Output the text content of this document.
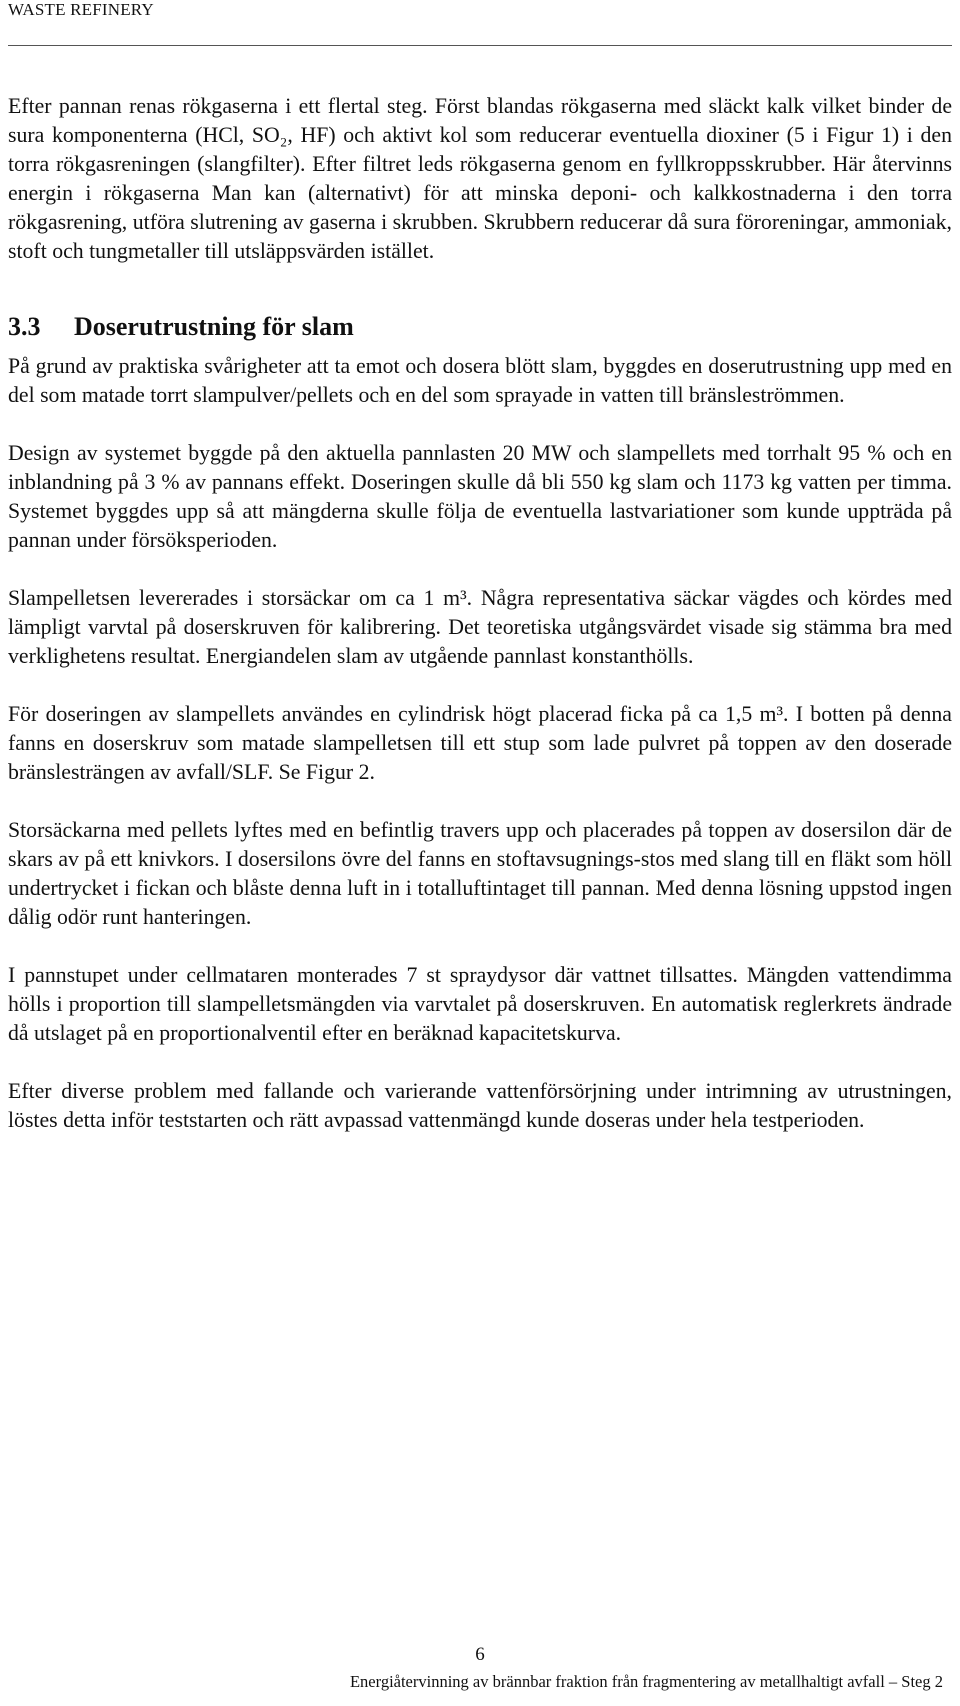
WASTE REFINERY

Efter pannan renas rökgaserna i ett flertal steg. Först blandas rökgaserna med släckt kalk vilket binder de sura komponenterna (HCl, SO₂, HF) och aktivt kol som reducerar eventuella dioxiner (5 i Figur 1) i den torra rökgasreningen (slangfilter). Efter filtret leds rökgaserna genom en fyllkroppsskrubber. Här återvinns energin i rökgaserna Man kan (alternativt) för att minska deponi- och kalkkostnaderna i den torra rökgasrening, utföra slutrening av gaserna i skrubben. Skrubbern reducerar då sura föroreningar, ammoniak, stoft och tungmetaller till utsläppsvärden istället.

3.3 Doserutrustning för slam

På grund av praktiska svårigheter att ta emot och dosera blött slam, byggdes en doserutrustning upp med en del som matade torrt slampulver/pellets och en del som sprayade in vatten till bränsleströmmen.

Design av systemet byggde på den aktuella pannlasten 20 MW och slampellets med torrhalt 95 % och en inblandning på 3 % av pannans effekt. Doseringen skulle då bli 550 kg slam och 1173 kg vatten per timma. Systemet byggdes upp så att mängderna skulle följa de eventuella lastvariationer som kunde uppträda på pannan under försöksperioden.

Slampelletsen levererades i storsäckar om ca 1 m³. Några representativa säckar vägdes och kördes med lämpligt varvtal på doserskruven för kalibrering. Det teoretiska utgångsvärdet visade sig stämma bra med verklighetens resultat. Energiandelen slam av utgående pannlast konstanthölls.

För doseringen av slampellets användes en cylindrisk högt placerad ficka på ca 1,5 m³. I botten på denna fanns en doserskruv som matade slampelletsen till ett stup som lade pulvret på toppen av den doserade bränslesträngen av avfall/SLF. Se Figur 2.

Storsäckarna med pellets lyftes med en befintlig travers upp och placerades på toppen av dosersilon där de skars av på ett knivkors. I dosersilons övre del fanns en stoftavsugnings-stos med slang till en fläkt som höll undertrycket i fickan och blåste denna luft in i totalluftintaget till pannan. Med denna lösning uppstod ingen dålig odör runt hanteringen.

I pannstupet under cellmataren monterades 7 st spraydysor där vattnet tillsattes. Mängden vattendimma hölls i proportion till slampelletsmängden via varvtalet på doserskruven. En automatisk reglerkrets ändrade då utslaget på en proportionalventil efter en beräknad kapacitetskurva.

Efter diverse problem med fallande och varierande vattenförsörjning under intrimning av utrustningen, löstes detta inför teststarten och rätt avpassad vattenmängd kunde doseras under hela testperioden.

6
Energiåtervinning av brännbar fraktion från fragmentering av metallhaltigt avfall – Steg 2
